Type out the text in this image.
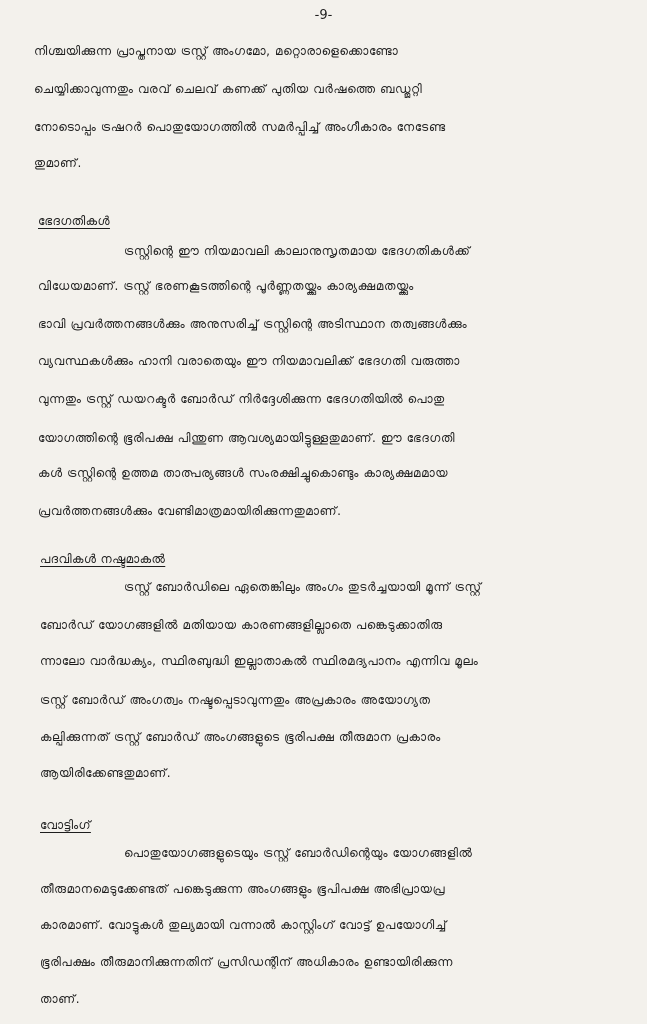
-9-

നിശ്ചയിക്കുന്ന പ്രാപ്തനായ ട്രസ്റ്റ് അംഗമോ, മറ്റൊരാളെക്കൊണ്ടോ

ചെയ്യിക്കാവുന്നതും വരവ് ചെലവ് കണക്ക് പുതിയ വർഷത്തെ ബഡ്ജറ്റി

നോടൊപ്പം ട്രഷറർ പൊതുയോഗത്തിൽ സമർപ്പിച്ച് അംഗീകാരം നേടേണ്ട

തുമാണ്.

ഭേദഗതികൾ

ട്രസ്റ്റിന്റെ ഈ നിയമാവലി കാലാനുസൃതമായ ഭേദഗതികൾക്ക്

വിധേയമാണ്. ട്രസ്റ്റ് ഭരണകൂടത്തിന്റെ പൂർണ്ണതയ്ക്കും കാര്യക്ഷമതയ്ക്കും

ഭാവി പ്രവർത്തനങ്ങൾക്കും അനുസരിച്ച് ട്രസ്റ്റിന്റെ അടിസ്ഥാന തത്വങ്ങൾക്കും

വ്യവസ്ഥകൾക്കും ഹാനി വരാതെയും ഈ നിയമാവലിക്ക് ഭേദഗതി വരുത്താ

വുന്നതും ട്രസ്റ്റ് ഡയറക്ടർ ബോർഡ് നിർദ്ദേശിക്കുന്ന ഭേദഗതിയിൽ പൊതു

യോഗത്തിന്റെ ഭൂരിപക്ഷ പിന്തുണ ആവശ്യമായിട്ടുള്ളതുമാണ്. ഈ ഭേദഗതി

കൾ ട്രസ്റ്റിന്റെ ഉത്തമ താത്പര്യങ്ങൾ സംരക്ഷിച്ചുകൊണ്ടും കാര്യക്ഷമമായ

പ്രവർത്തനങ്ങൾക്കും വേണ്ടിമാത്രമായിരിക്കുന്നതുമാണ്.

പദവികൾ നഷ്ടമാകൽ

ട്രസ്റ്റ് ബോർഡിലെ ഏതെങ്കിലും അംഗം തുടർച്ചയായി മൂന്ന് ട്രസ്റ്റ്

ബോർഡ് യോഗങ്ങളിൽ മതിയായ കാരണങ്ങളില്ലാതെ പങ്കെടുക്കാതിരു

ന്നാലോ വാർദ്ധക്യം, സ്ഥിരബുദ്ധി ഇല്ലാതാകൽ സ്ഥിരമദ്യപാനം എന്നിവ മൂലം

ട്രസ്റ്റ് ബോർഡ് അംഗത്വം നഷ്ടപ്പെടാവുന്നതും അപ്രകാരം അയോഗ്യത

കല്പിക്കുന്നത് ട്രസ്റ്റ് ബോർഡ് അംഗങ്ങളുടെ ഭൂരിപക്ഷ തീരുമാന പ്രകാരം

ആയിരിക്കേണ്ടതുമാണ്.

വോട്ടിംഗ്

പൊതുയോഗങ്ങളുടെയും ട്രസ്റ്റ് ബോർഡിന്റെയും യോഗങ്ങളിൽ

തീരുമാനമെടുക്കേണ്ടത് പങ്കെടുക്കുന്ന അംഗങ്ങളും ഭൂപിപക്ഷ അഭിപ്രായപ്ര

കാരമാണ്. വോട്ടുകൾ തുല്യമായി വന്നാൽ കാസ്റ്റിംഗ് വോട്ട് ഉപയോഗിച്ച്

ഭൂരിപക്ഷം തീരുമാനിക്കുന്നതിന് പ്രസിഡന്റിന് അധികാരം ഉണ്ടായിരിക്കുന്ന

താണ്.
